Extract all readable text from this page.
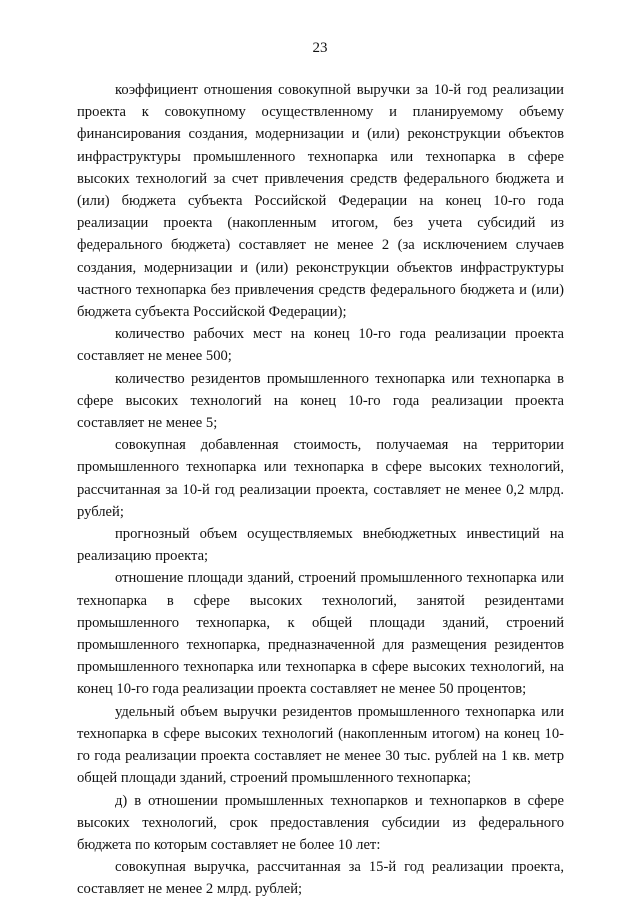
23

коэффициент отношения совокупной выручки за 10-й год реализации проекта к совокупному осуществленному и планируемому объему финансирования создания, модернизации и (или) реконструкции объектов инфраструктуры промышленного технопарка или технопарка в сфере высоких технологий за счет привлечения средств федерального бюджета и (или) бюджета субъекта Российской Федерации на конец 10-го года реализации проекта (накопленным итогом, без учета субсидий из федерального бюджета) составляет не менее 2 (за исключением случаев создания, модернизации и (или) реконструкции объектов инфраструктуры частного технопарка без привлечения средств федерального бюджета и (или) бюджета субъекта Российской Федерации);

количество рабочих мест на конец 10-го года реализации проекта составляет не менее 500;

количество резидентов промышленного технопарка или технопарка в сфере высоких технологий на конец 10-го года реализации проекта составляет не менее 5;

совокупная добавленная стоимость, получаемая на территории промышленного технопарка или технопарка в сфере высоких технологий, рассчитанная за 10-й год реализации проекта, составляет не менее 0,2 млрд. рублей;

прогнозный объем осуществляемых внебюджетных инвестиций на реализацию проекта;

отношение площади зданий, строений промышленного технопарка или технопарка в сфере высоких технологий, занятой резидентами промышленного технопарка, к общей площади зданий, строений промышленного технопарка, предназначенной для размещения резидентов промышленного технопарка или технопарка в сфере высоких технологий, на конец 10-го года реализации проекта составляет не менее 50 процентов;

удельный объем выручки резидентов промышленного технопарка или технопарка в сфере высоких технологий (накопленным итогом) на конец 10-го года реализации проекта составляет не менее 30 тыс. рублей на 1 кв. метр общей площади зданий, строений промышленного технопарка;

д) в отношении промышленных технопарков и технопарков в сфере высоких технологий, срок предоставления субсидии из федерального бюджета по которым составляет не более 10 лет:

совокупная выручка, рассчитанная за 15-й год реализации проекта, составляет не менее 2 млрд. рублей;
